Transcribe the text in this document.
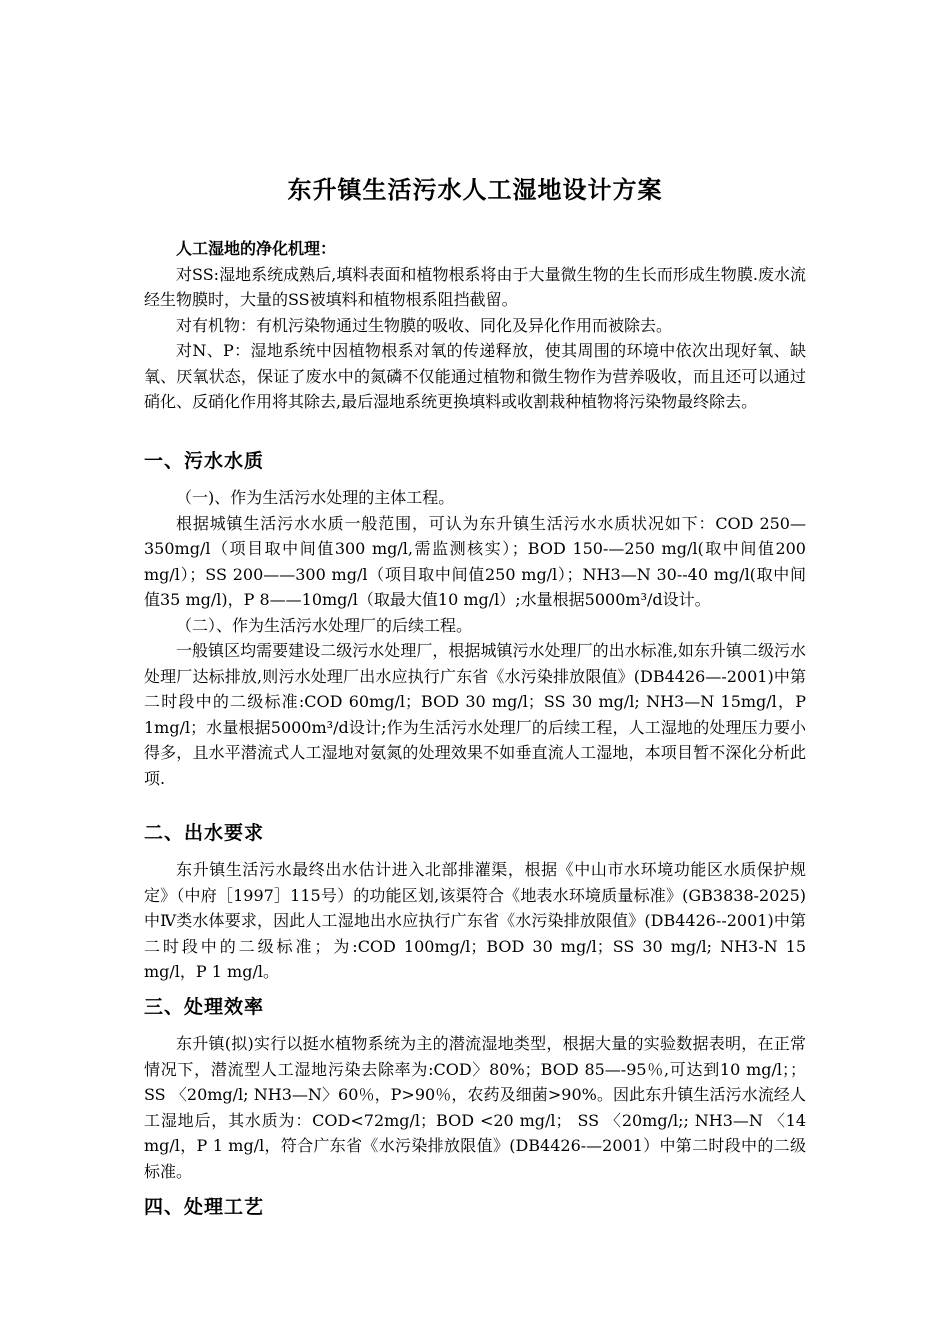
东升镇生活污水人工湿地设计方案

人工湿地的净化机理：

对SS:湿地系统成熟后,填料表面和植物根系将由于大量微生物的生长而形成生物膜.废水流经生物膜时，大量的SS被填料和植物根系阻挡截留。

对有机物：有机污染物通过生物膜的吸收、同化及异化作用而被除去。

对N、P：湿地系统中因植物根系对氧的传递释放，使其周围的环境中依次出现好氧、缺氧、厌氧状态，保证了废水中的氮磷不仅能通过植物和微生物作为营养吸收，而且还可以通过硝化、反硝化作用将其除去,最后湿地系统更换填料或收割栽种植物将污染物最终除去。

一、污水水质

（一)、作为生活污水处理的主体工程。

根据城镇生活污水水质一般范围，可认为东升镇生活污水水质状况如下：COD 250—350mg/l（项目取中间值300 mg/l,需监测核实）；BOD 150-—250 mg/l(取中间值200 mg/l）；SS 200——300 mg/l（项目取中间值250 mg/l）；NH3—N 30--40 mg/l(取中间值35 mg/l)，P 8——10mg/l（取最大值10 mg/l）;水量根据5000m³/d设计。

（二）、作为生活污水处理厂的后续工程。

一般镇区均需要建设二级污水处理厂，根据城镇污水处理厂的出水标准,如东升镇二级污水处理厂达标排放,则污水处理厂出水应执行广东省《水污染排放限值》(DB4426—-2001)中第二时段中的二级标准:COD 60mg/l；BOD 30 mg/l；SS 30 mg/l; NH3—N 15mg/l，P 1mg/l；水量根据5000m³/d设计;作为生活污水处理厂的后续工程，人工湿地的处理压力要小得多，且水平潜流式人工湿地对氨氮的处理效果不如垂直流人工湿地，本项目暂不深化分析此项.

二、出水要求

东升镇生活污水最终出水估计进入北部排灌渠，根据《中山市水环境功能区水质保护规定》（中府［1997］115号）的功能区划,该渠符合《地表水环境质量标准》(GB3838-2025)中Ⅳ类水体要求，因此人工湿地出水应执行广东省《水污染排放限值》(DB4426--2001)中第二时段中的二级标准；为:COD 100mg/l；BOD 30 mg/l；SS 30 mg/l; NH3-N 15 mg/l，P 1 mg/l。

三、处理效率

东升镇(拟)实行以挺水植物系统为主的潜流湿地类型，根据大量的实验数据表明，在正常情况下，潜流型人工湿地污染去除率为:COD〉80%；BOD 85—-95％,可达到10 mg/l；；SS 〈20mg/l; NH3—N〉60％，P>90％，农药及细菌>90%。因此东升镇生活污水流经人工湿地后，其水质为：COD<72mg/l；BOD <20 mg/l； SS 〈20mg/l;; NH3—N 〈14 mg/l，P 1 mg/l，符合广东省《水污染排放限值》(DB4426-—2001）中第二时段中的二级标准。

四、处理工艺
